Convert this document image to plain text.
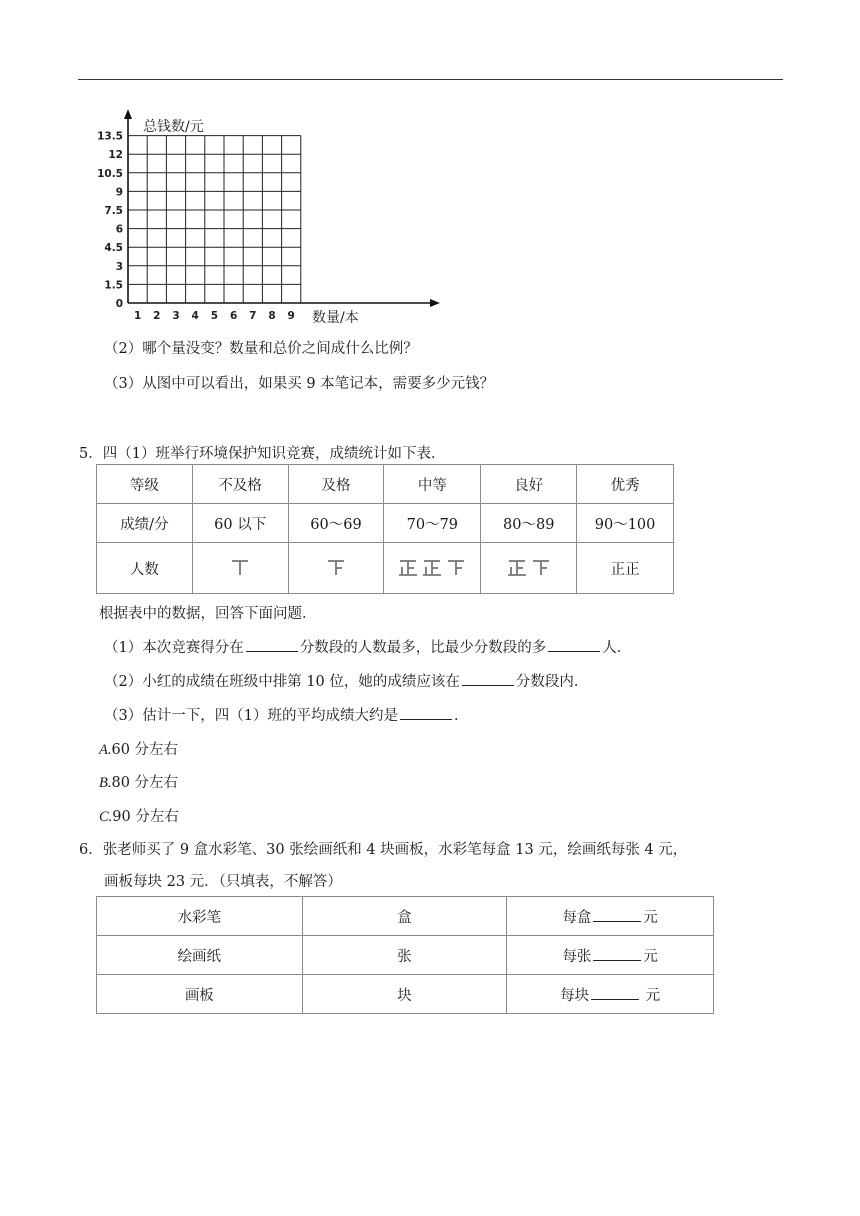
0
1.5
3
4.5
6
7.5
9
10.5
12
13.5
1 2 3 4 5 6 7 8 9
总钱数/元
数量/本
（2）哪个量没变？数量和总价之间成什么比例？
（3）从图中可以看出，如果买 9 本笔记本，需要多少元钱？
5．四（1）班举行环境保护知识竞赛，成绩统计如下表．
等级	不及格	及格	中等	良好	优秀
成绩/分	60 以下	60～69	70～79	80～89	90～100
人数					正正
根据表中的数据，回答下面问题．
（1）本次竞赛得分在	分数段的人数最多，比最少分数段的多	人．
（2）小红的成绩在班级中排第 10 位，她的成绩应该在	分数段内．
（3）估计一下，四（1）班的平均成绩大约是	．
A.60 分左右
B.80 分左右
C.90 分左右
6．张老师买了 9 盒水彩笔、30 张绘画纸和 4 块画板，水彩笔每盒 13 元，绘画纸每张 4 元，
画板每块 23 元．（只填表，不解答）
水彩笔	盒	每盒 元
绘画纸	张	每张 元
画板	块	每块 元
